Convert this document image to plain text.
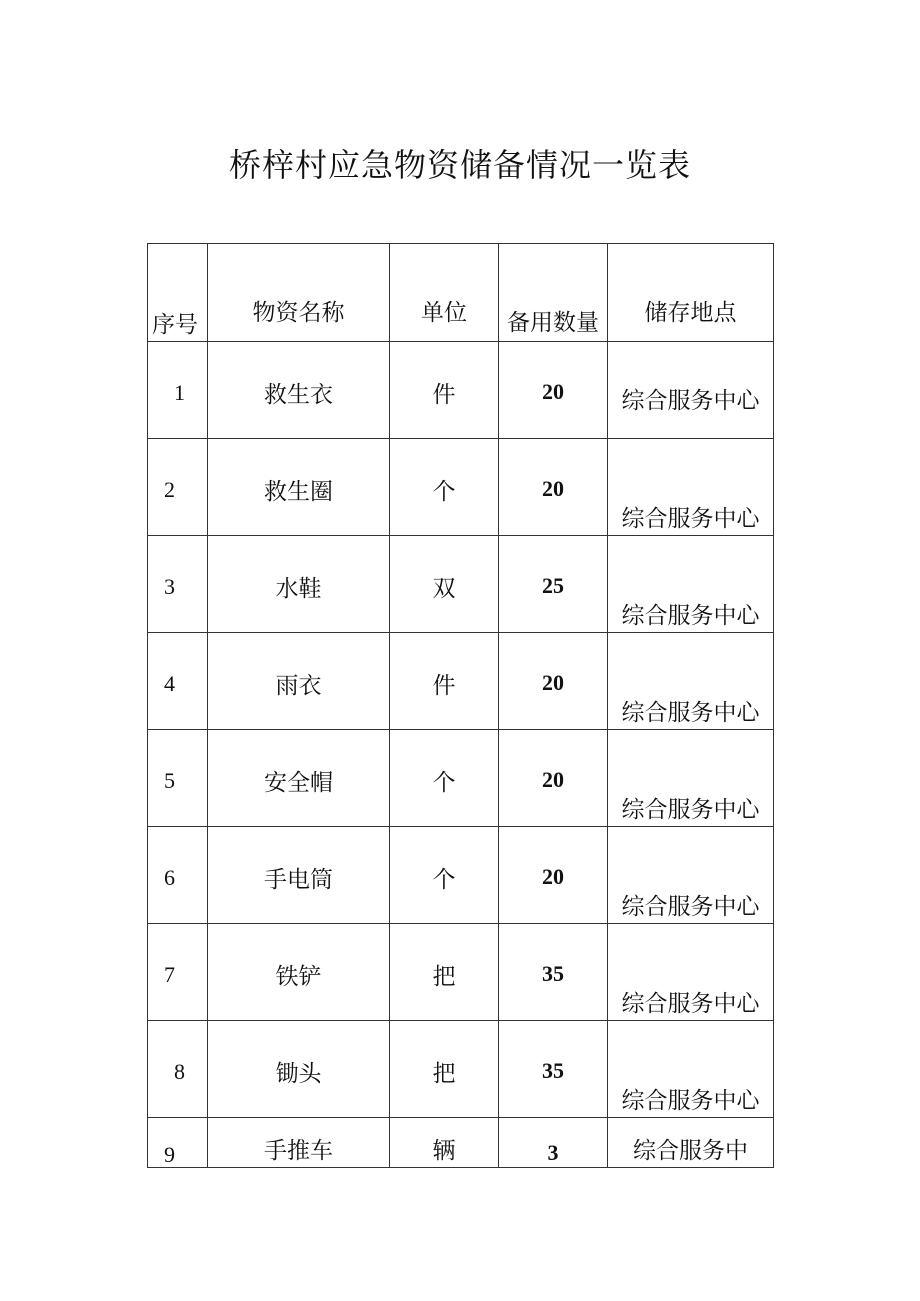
桥梓村应急物资储备情况一览表
序号	物资名称	单位	备用数量	储存地点

1	救生衣	件	20	综合服务中心

2	救生圈	个	20	综合服务中心

3	水鞋	双	25	综合服务中心

4	雨衣	件	20	综合服务中心

5	安全帽	个	20	综合服务中心

6	手电筒	个	20	综合服务中心

7	铁铲	把	35	综合服务中心

8	锄头	把	35	综合服务中心

9	手推车	辆	3	综合服务中
